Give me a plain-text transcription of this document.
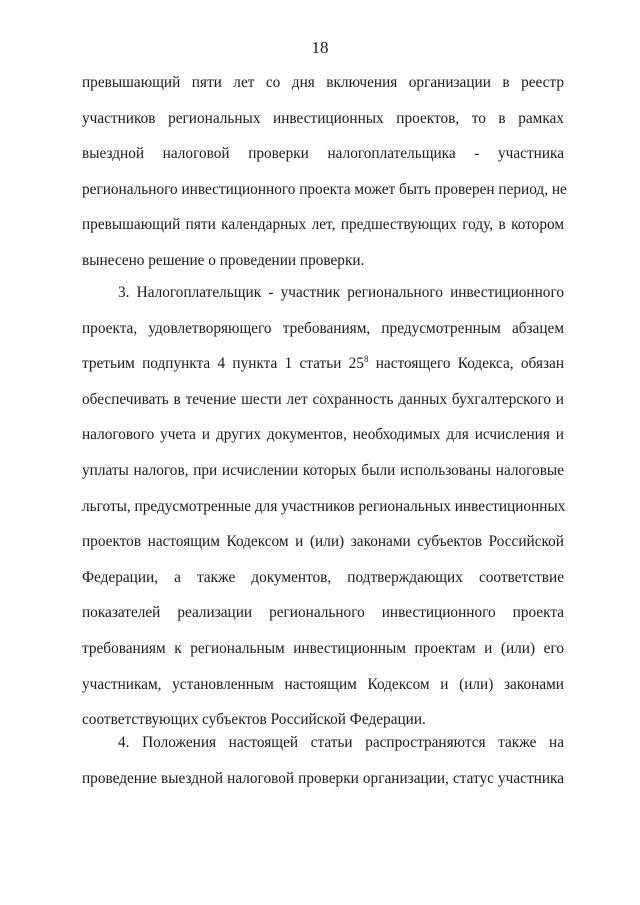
18
превышающий пяти лет со дня включения организации в реестр
участников региональных инвестиционных проектов, то в рамках
выездной налоговой проверки налогоплательщика - участника
регионального инвестиционного проекта может быть проверен период, не
превышающий пяти календарных лет, предшествующих году, в котором
вынесено решение о проведении проверки.
3. Налогоплательщик - участник регионального инвестиционного
проекта, удовлетворяющего требованиям, предусмотренным абзацем
третьим подпункта 4 пункта 1 статьи $25^8$ настоящего Кодекса, обязан
обеспечивать в течение шести лет сохранность данных бухгалтерского и
налогового учета и других документов, необходимых для исчисления и
уплаты налогов, при исчислении которых были использованы налоговые
льготы, предусмотренные для участников региональных инвестиционных
проектов настоящим Кодексом и (или) законами субъектов Российской
Федерации, а также документов, подтверждающих соответствие
показателей реализации регионального инвестиционного проекта
требованиям к региональным инвестиционным проектам и (или) его
участникам, установленным настоящим Кодексом и (или) законами
соответствующих субъектов Российской Федерации.
4. Положения настоящей статьи распространяются также на
проведение выездной налоговой проверки организации, статус участника
